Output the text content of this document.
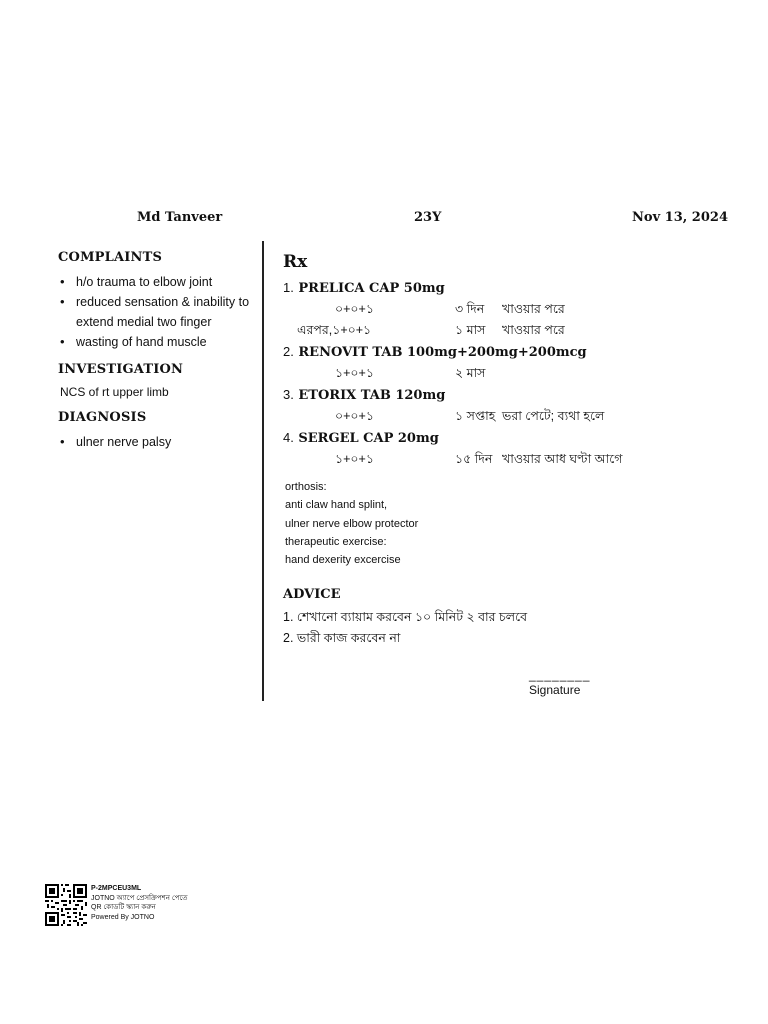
Md Tanveer	23Y	Nov 13, 2024
COMPLAINTS
• h/o trauma to elbow joint
• reduced sensation & inability to extend medial two finger
• wasting of hand muscle
INVESTIGATION
NCS of rt upper limb
DIAGNOSIS
• ulner nerve palsy
Rx
1. PRELICA CAP 50mg
০+০+১	৩ দিন খাওয়ার পরে
এরপর,১+০+১	১ মাস খাওয়ার পরে
2. RENOVIT TAB 100mg+200mg+200mcg
১+০+১	২ মাস
3. ETORIX TAB 120mg
০+০+১	১ সপ্তাহ ভরা পেটে; ব্যথা হলে
4. SERGEL CAP 20mg
১+০+১	১৫ দিন খাওয়ার আধ ঘণ্টা আগে
orthosis:
anti claw hand splint,
ulner nerve elbow protector
therapeutic exercise:
hand dexerity excercise
ADVICE
1. শেখানো ব্যায়াম করবেন ১০ মিনিট ২ বার চলবে
2. ভারী কাজ করবেন না
________
Signature
P-2MPCEU3ML
JOTNO অ্যাপে প্রেসক্রিপশন পেতে
QR কোডটি স্ক্যান করুন
Powered By JOTNO
